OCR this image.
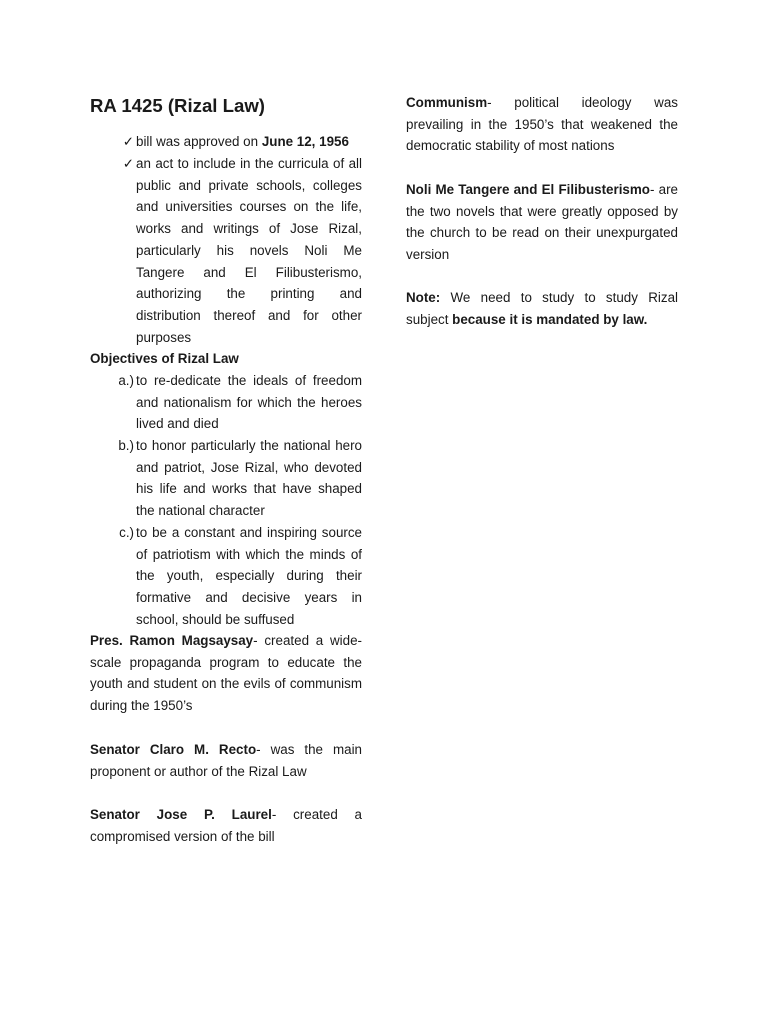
RA 1425 (Rizal Law)
✓ bill was approved on June 12, 1956
✓ an act to include in the curricula of all public and private schools, colleges and universities courses on the life, works and writings of Jose Rizal, particularly his novels Noli Me Tangere and El Filibusterismo, authorizing the printing and distribution thereof and for other purposes
Objectives of Rizal Law
a.) to re-dedicate the ideals of freedom and nationalism for which the heroes lived and died
b.) to honor particularly the national hero and patriot, Jose Rizal, who devoted his life and works that have shaped the national character
c.) to be a constant and inspiring source of patriotism with which the minds of the youth, especially during their formative and decisive years in school, should be suffused
Pres. Ramon Magsaysay- created a wide-scale propaganda program to educate the youth and student on the evils of communism during the 1950’s
Senator Claro M. Recto- was the main proponent or author of the Rizal Law
Senator Jose P. Laurel- created a compromised version of the bill
Communism- political ideology was prevailing in the 1950’s that weakened the democratic stability of most nations
Noli Me Tangere and El Filibusterismo- are the two novels that were greatly opposed by the church to be read on their unexpurgated version
Note: We need to study to study Rizal subject because it is mandated by law.
